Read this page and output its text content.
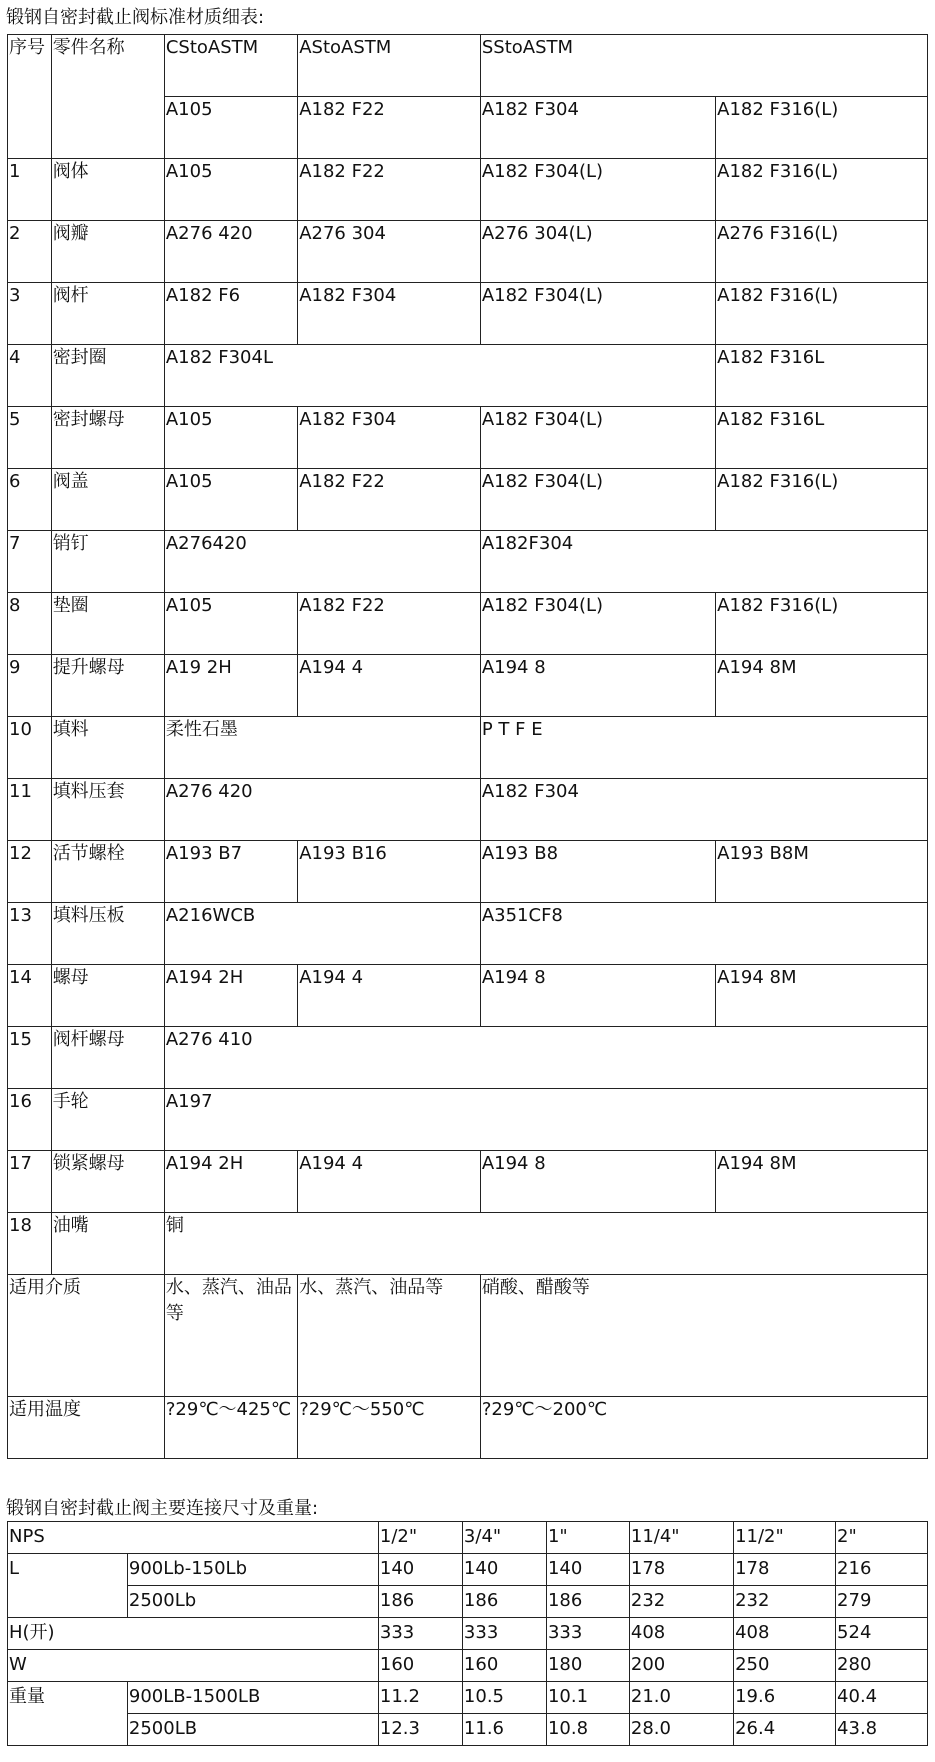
锻钢自密封截止阀标准材质细表:
序号	零件名称	CStoASTM	AStoASTM	SStoASTM	
		A105	A182 F22	A182 F304	A182 F316(L)
1	阀体	A105	A182 F22	A182 F304(L)	A182 F316(L)
2	阀瓣	A276 420	A276 304	A276 304(L)	A276 F316(L)
3	阀杆	A182 F6	A182 F304	A182 F304(L)	A182 F316(L)
4	密封圈	A182 F304L			A182 F316L
5	密封螺母	A105	A182 F304	A182 F304(L)	A182 F316L
6	阀盖	A105	A182 F22	A182 F304(L)	A182 F316(L)
7	销钉	A276420		A182F304	
8	垫圈	A105	A182 F22	A182 F304(L)	A182 F316(L)
9	提升螺母	A19 2H	A194 4	A194 8	A194 8M
10	填料	柔性石墨		P T F E	
11	填料压套	A276 420		A182 F304	
12	活节螺栓	A193 B7	A193 B16	A193 B8	A193 B8M
13	填料压板	A216WCB		A351CF8	
14	螺母	A194 2H	A194 4	A194 8	A194 8M
15	阀杆螺母	A276 410			
16	手轮	A197			
17	锁紧螺母	A194 2H	A194 4	A194 8	A194 8M
18	油嘴	铜			
适用介质		水、蒸汽、油品等	水、蒸汽、油品等	硝酸、醋酸等	
适用温度		?29℃～425℃	?29℃～550℃	?29℃～200℃	
锻钢自密封截止阀主要连接尺寸及重量:
NPS		1/2"	3/4"	1"	11/4"	11/2"	2"
L	900Lb-150Lb	140	140	140	178	178	216
	2500Lb	186	186	186	232	232	279
H(开)		333	333	333	408	408	524
W		160	160	180	200	250	280
重量	900LB-1500LB	11.2	10.5	10.1	21.0	19.6	40.4
	2500LB	12.3	11.6	10.8	28.0	26.4	43.8
